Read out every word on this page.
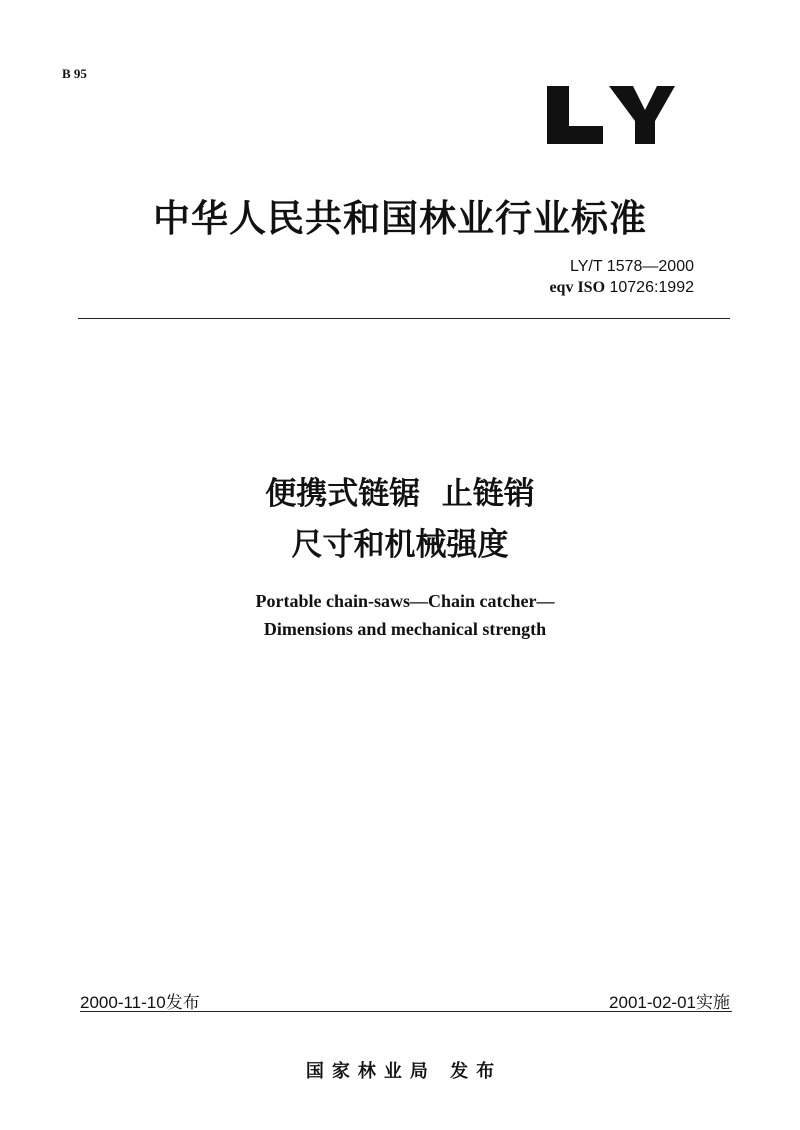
B 95
中华人民共和国林业行业标准
LY/T 1578—2000
eqv ISO 10726:1992
便携式链锯  止链销
尺寸和机械强度
Portable chain-saws—Chain catcher—
Dimensions and mechanical strength
2000-11-10发布	2001-02-01实施
国家林业局 发布
